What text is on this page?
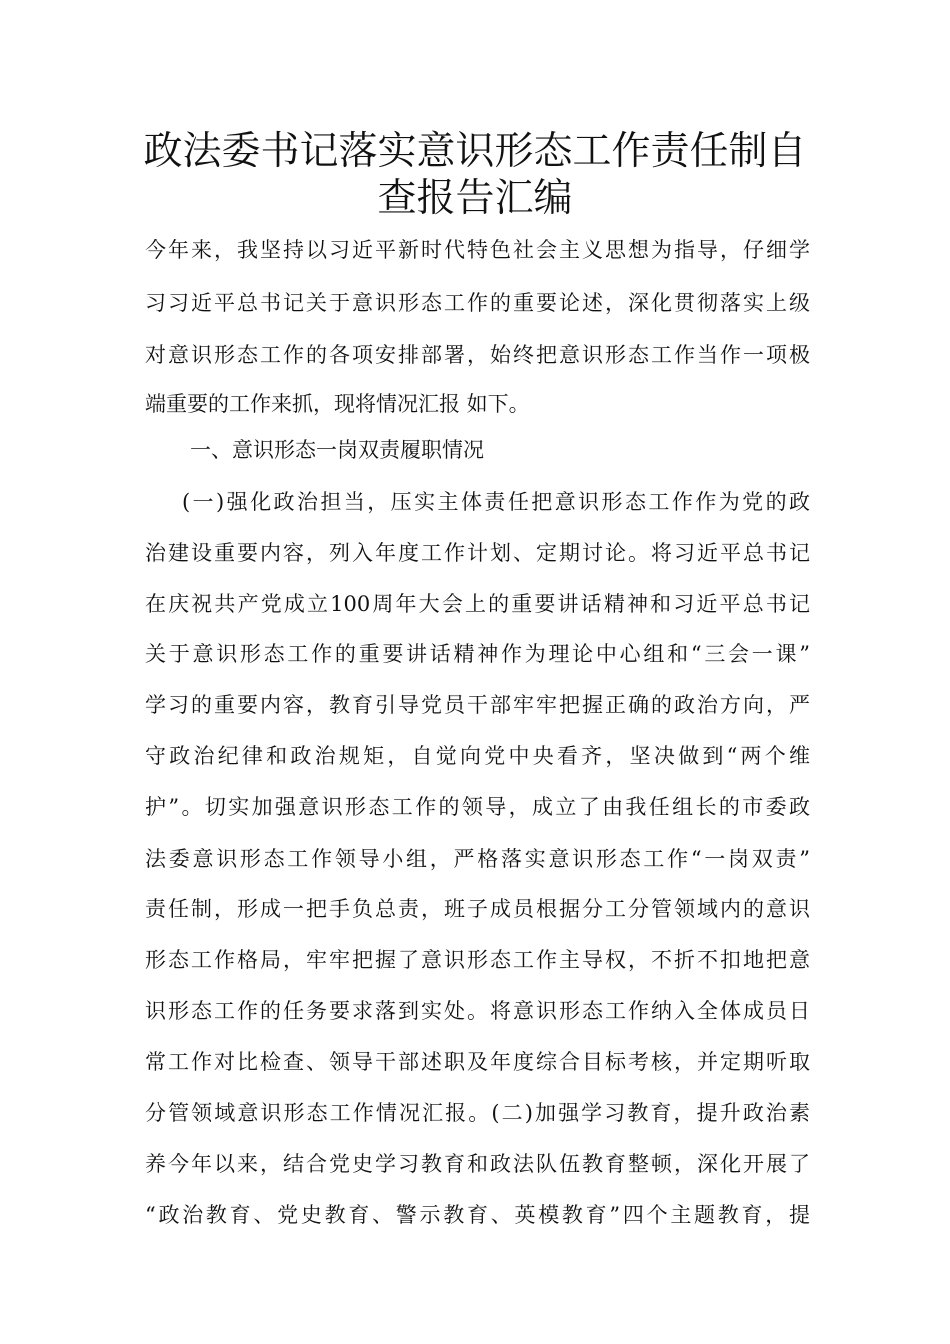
政法委书记落实意识形态工作责任制自
查报告汇编
今年来，我坚持以习近平新时代特色社会主义思想为指导，仔细学
习习近平总书记关于意识形态工作的重要论述，深化贯彻落实上级
对意识形态工作的各项安排部署，始终把意识形态工作当作一项极
端重要的工作来抓，现将情况汇报 如下。
一、意识形态一岗双责履职情况
(一)强化政治担当，压实主体责任把意识形态工作作为党的政
治建设重要内容，列入年度工作计划、定期讨论。将习近平总书记
在庆祝共产党成立100周年大会上的重要讲话精神和习近平总书记
关于意识形态工作的重要讲话精神作为理论中心组和“三会一课”
学习的重要内容，教育引导党员干部牢牢把握正确的政治方向，严
守政治纪律和政治规矩，自觉向党中央看齐，坚决做到“两个维
护”。切实加强意识形态工作的领导，成立了由我任组长的市委政
法委意识形态工作领导小组，严格落实意识形态工作“一岗双责”
责任制，形成一把手负总责，班子成员根据分工分管领域内的意识
形态工作格局，牢牢把握了意识形态工作主导权，不折不扣地把意
识形态工作的任务要求落到实处。将意识形态工作纳入全体成员日
常工作对比检查、领导干部述职及年度综合目标考核，并定期听取
分管领域意识形态工作情况汇报。(二)加强学习教育，提升政治素
养今年以来，结合党史学习教育和政法队伍教育整顿，深化开展了
“政治教育、党史教育、警示教育、英模教育”四个主题教育，提
